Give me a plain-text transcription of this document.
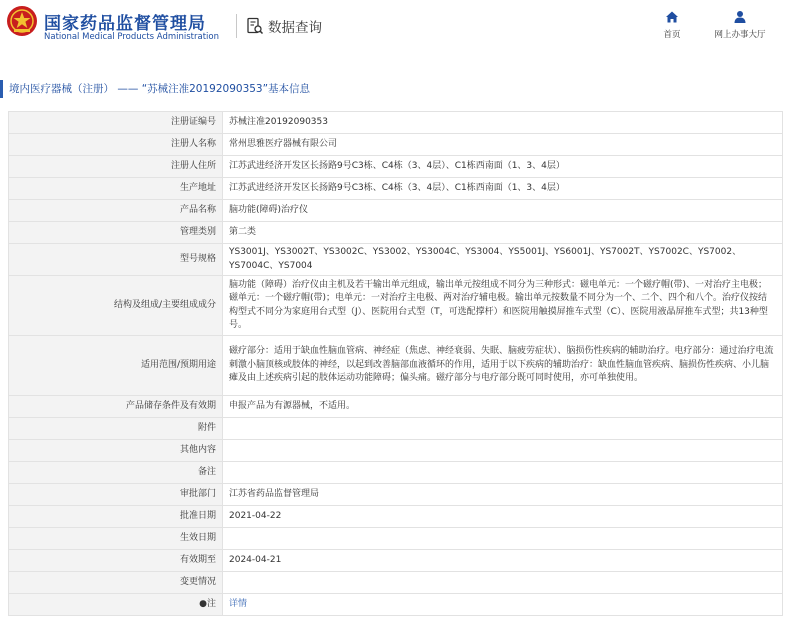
国家药品监督管理局
National Medical Products Administration
数据查询	首页	网上办事大厅
境内医疗器械（注册） —— “苏械注准20192090353”基本信息
注册证编号	苏械注准20192090353
注册人名称	常州思雅医疗器械有限公司
注册人住所	江苏武进经济开发区长扬路9号C3栋、C4栋（3、4层）、C1栋西南面（1、3、4层）
生产地址	江苏武进经济开发区长扬路9号C3栋、C4栋（3、4层）、C1栋西南面（1、3、4层）
产品名称	脑功能(障碍)治疗仪
管理类别	第二类
型号规格	YS3001J、YS3002T、YS3002C、YS3002、YS3004C、YS3004、YS5001J、YS6001J、YS7002T、YS7002C、YS7002、YS7004C、YS7004
结构及组成/主要组成成分	脑功能（障碍）治疗仪由主机及若干输出单元组成，输出单元按组成不同分为三种形式：磁电单元：一个磁疗帽(带)、一对治疗主电极；磁单元：一个磁疗帽(带)；电单元：一对治疗主电极、两对治疗辅电极。输出单元按数量不同分为一个、二个、四个和八个。治疗仪按结构型式不同分为家庭用台式型（J）、医院用台式型（T，可选配撑杆）和医院用触摸屏推车式型（C）、医院用液晶屏推车式型；共13种型号。
适用范围/预期用途	磁疗部分：适用于缺血性脑血管病、神经症（焦虑、神经衰弱、失眠、脑疲劳症状）、脑损伤性疾病的辅助治疗。电疗部分：通过治疗电流刺激小脑顶核或肢体的神经，以起到改善脑部血液循环的作用，适用于以下疾病的辅助治疗：缺血性脑血管疾病、脑损伤性疾病、小儿脑瘫及由上述疾病引起的肢体运动功能障碍；偏头痛。磁疗部分与电疗部分既可同时使用，亦可单独使用。
产品储存条件及有效期	申报产品为有源器械，不适用。
附件	
其他内容	
备注	
审批部门	江苏省药品监督管理局
批准日期	2021-04-22
生效日期	
有效期至	2024-04-21
变更情况	
●注	详情
